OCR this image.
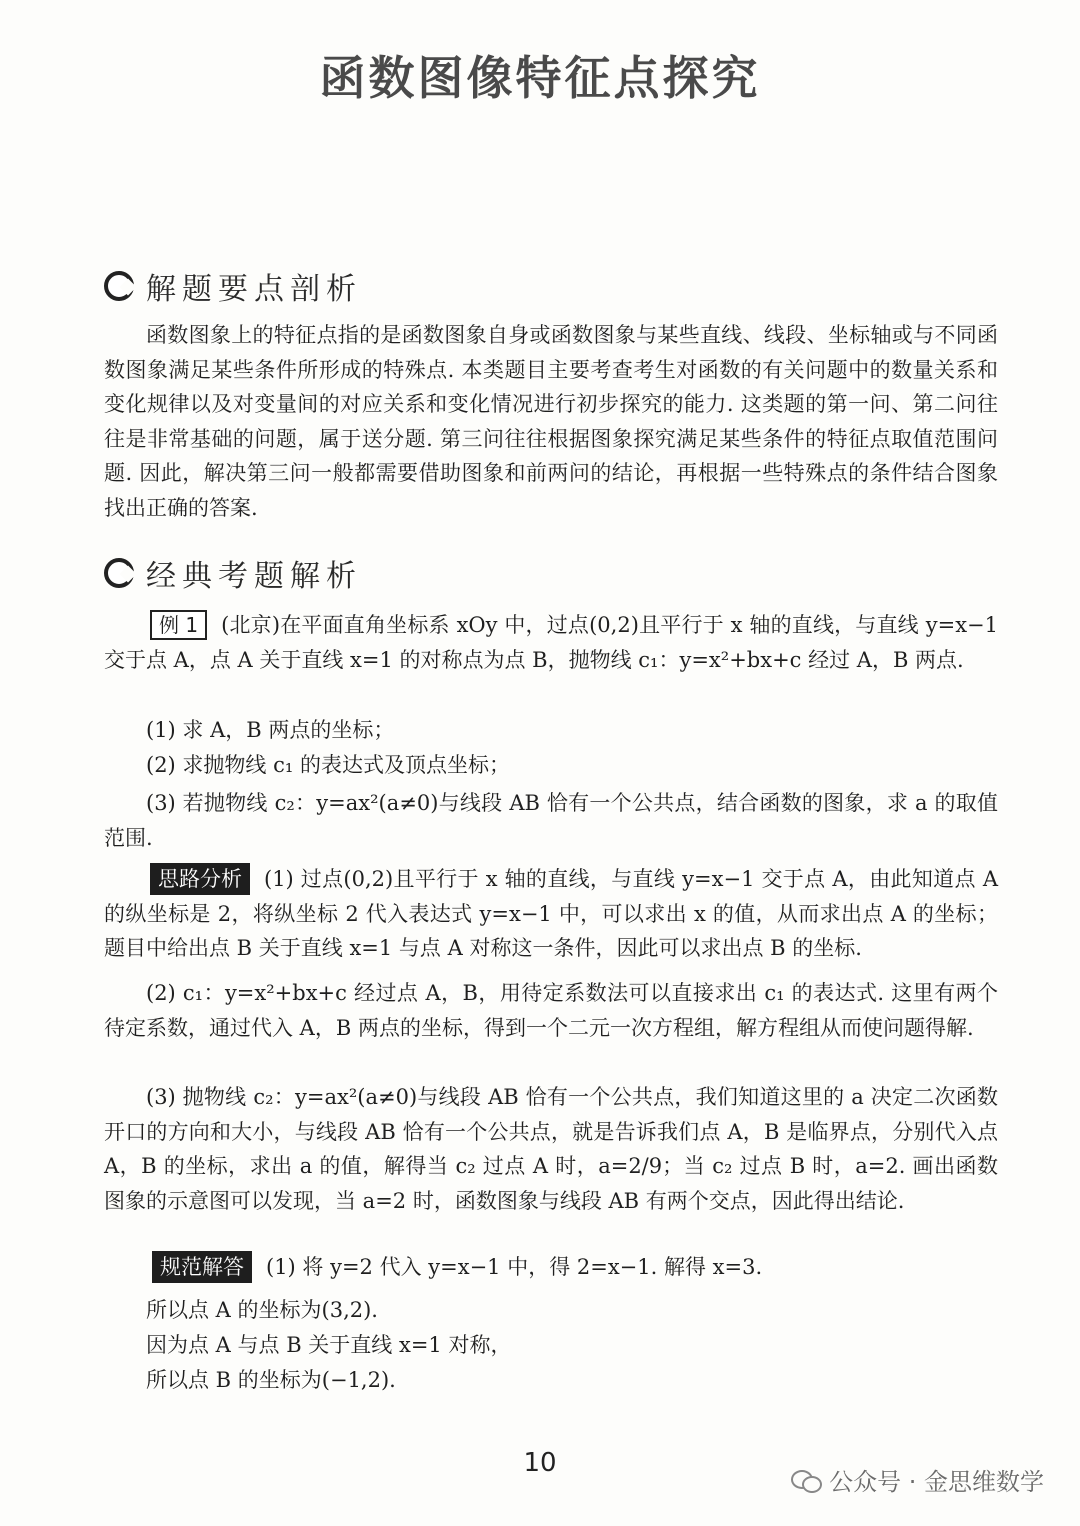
函数图像特征点探究
解题要点剖析
函数图象上的特征点指的是函数图象自身或函数图象与某些直线、线段、坐标轴或与不同函数图象满足某些条件所形成的特殊点. 本类题目主要考查考生对函数的有关问题中的数量关系和变化规律以及对变量间的对应关系和变化情况进行初步探究的能力. 这类题的第一问、第二问往往是非常基础的问题，属于送分题. 第三问往往根据图象探究满足某些条件的特征点取值范围问题. 因此，解决第三问一般都需要借助图象和前两问的结论，再根据一些特殊点的条件结合图象找出正确的答案.
经典考题解析
例 1 (北京)在平面直角坐标系 xOy 中，过点(0,2)且平行于 x 轴的直线，与直线 y=x−1 交于点 A，点 A 关于直线 x=1 的对称点为点 B，抛物线 c₁：y=x²+bx+c 经过 A，B 两点.
(1) 求 A，B 两点的坐标；
(2) 求抛物线 c₁ 的表达式及顶点坐标；
(3) 若抛物线 c₂：y=ax²(a≠0)与线段 AB 恰有一个公共点，结合函数的图象，求 a 的取值范围.
思路分析 (1) 过点(0,2)且平行于 x 轴的直线，与直线 y=x−1 交于点 A，由此知道点 A 的纵坐标是 2，将纵坐标 2 代入表达式 y=x−1 中，可以求出 x 的值，从而求出点 A 的坐标；题目中给出点 B 关于直线 x=1 与点 A 对称这一条件，因此可以求出点 B 的坐标.
(2) c₁：y=x²+bx+c 经过点 A，B，用待定系数法可以直接求出 c₁ 的表达式. 这里有两个待定系数，通过代入 A，B 两点的坐标，得到一个二元一次方程组，解方程组从而使问题得解.
(3) 抛物线 c₂：y=ax²(a≠0)与线段 AB 恰有一个公共点，我们知道这里的 a 决定二次函数开口的方向和大小，与线段 AB 恰有一个公共点，就是告诉我们点 A，B 是临界点，分别代入点 A，B 的坐标，求出 a 的值，解得当 c₂ 过点 A 时，a=2/9；当 c₂ 过点 B 时，a=2. 画出函数图象的示意图可以发现，当 a=2 时，函数图象与线段 AB 有两个交点，因此得出结论.
规范解答 (1) 将 y=2 代入 y=x−1 中，得 2=x−1. 解得 x=3.
所以点 A 的坐标为(3,2).
因为点 A 与点 B 关于直线 x=1 对称，
所以点 B 的坐标为(−1,2).
10
公众号 · 金思维数学
